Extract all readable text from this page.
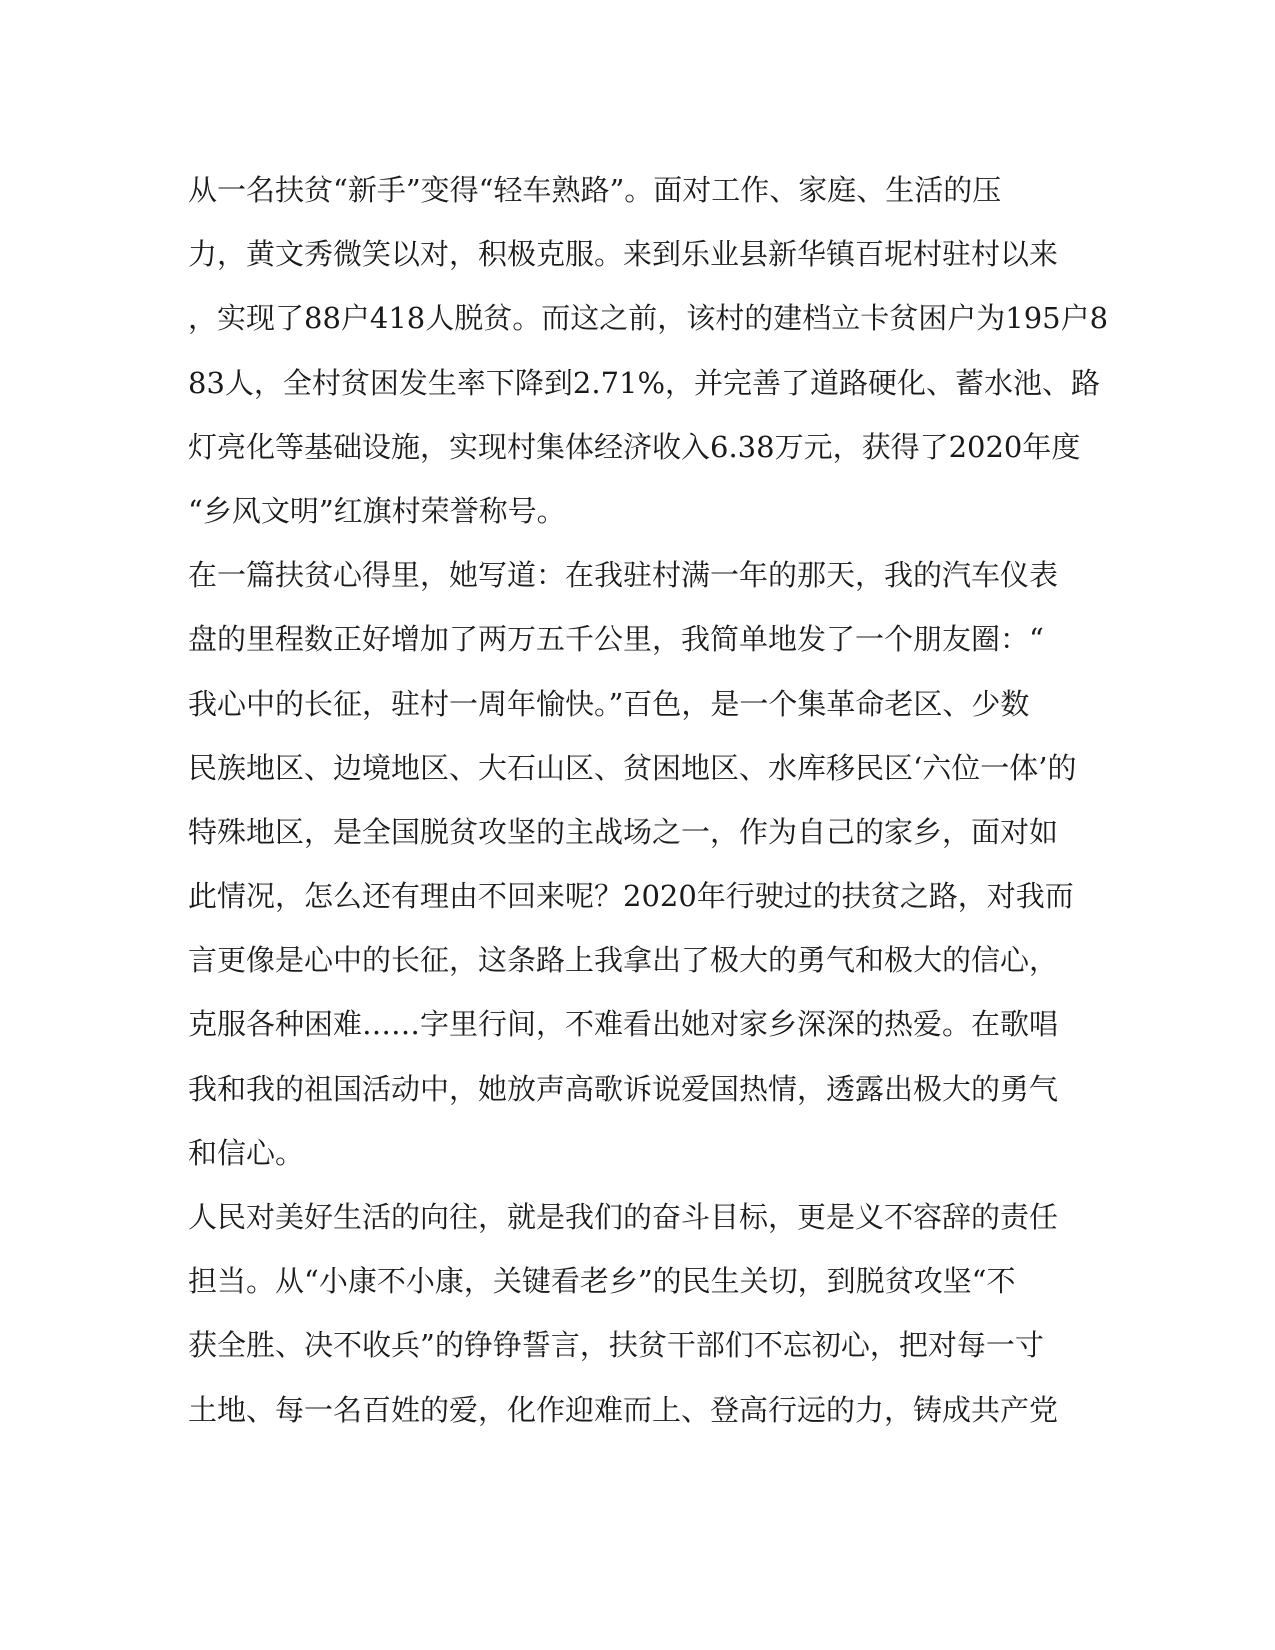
从一名扶贫“新手”变得“轻车熟路”。面对工作、家庭、生活的压
力，黄文秀微笑以对，积极克服。来到乐业县新华镇百坭村驻村以来
，实现了88户418人脱贫。而这之前，该村的建档立卡贫困户为195户8
83人，全村贫困发生率下降到2.71%，并完善了道路硬化、蓄水池、路
灯亮化等基础设施，实现村集体经济收入6.38万元，获得了2020年度
“乡风文明”红旗村荣誉称号。
在一篇扶贫心得里，她写道：在我驻村满一年的那天，我的汽车仪表
盘的里程数正好增加了两万五千公里，我简单地发了一个朋友圈：“
我心中的长征，驻村一周年愉快。”百色，是一个集革命老区、少数
民族地区、边境地区、大石山区、贫困地区、水库移民区‘六位一体’的
特殊地区，是全国脱贫攻坚的主战场之一，作为自己的家乡，面对如
此情况，怎么还有理由不回来呢？2020年行驶过的扶贫之路，对我而
言更像是心中的长征，这条路上我拿出了极大的勇气和极大的信心，
克服各种困难……字里行间，不难看出她对家乡深深的热爱。在歌唱
我和我的祖国活动中，她放声高歌诉说爱国热情，透露出极大的勇气
和信心。
人民对美好生活的向往，就是我们的奋斗目标，更是义不容辞的责任
担当。从“小康不小康，关键看老乡”的民生关切，到脱贫攻坚“不
获全胜、决不收兵”的铮铮誓言，扶贫干部们不忘初心，把对每一寸
土地、每一名百姓的爱，化作迎难而上、登高行远的力，铸成共产党
